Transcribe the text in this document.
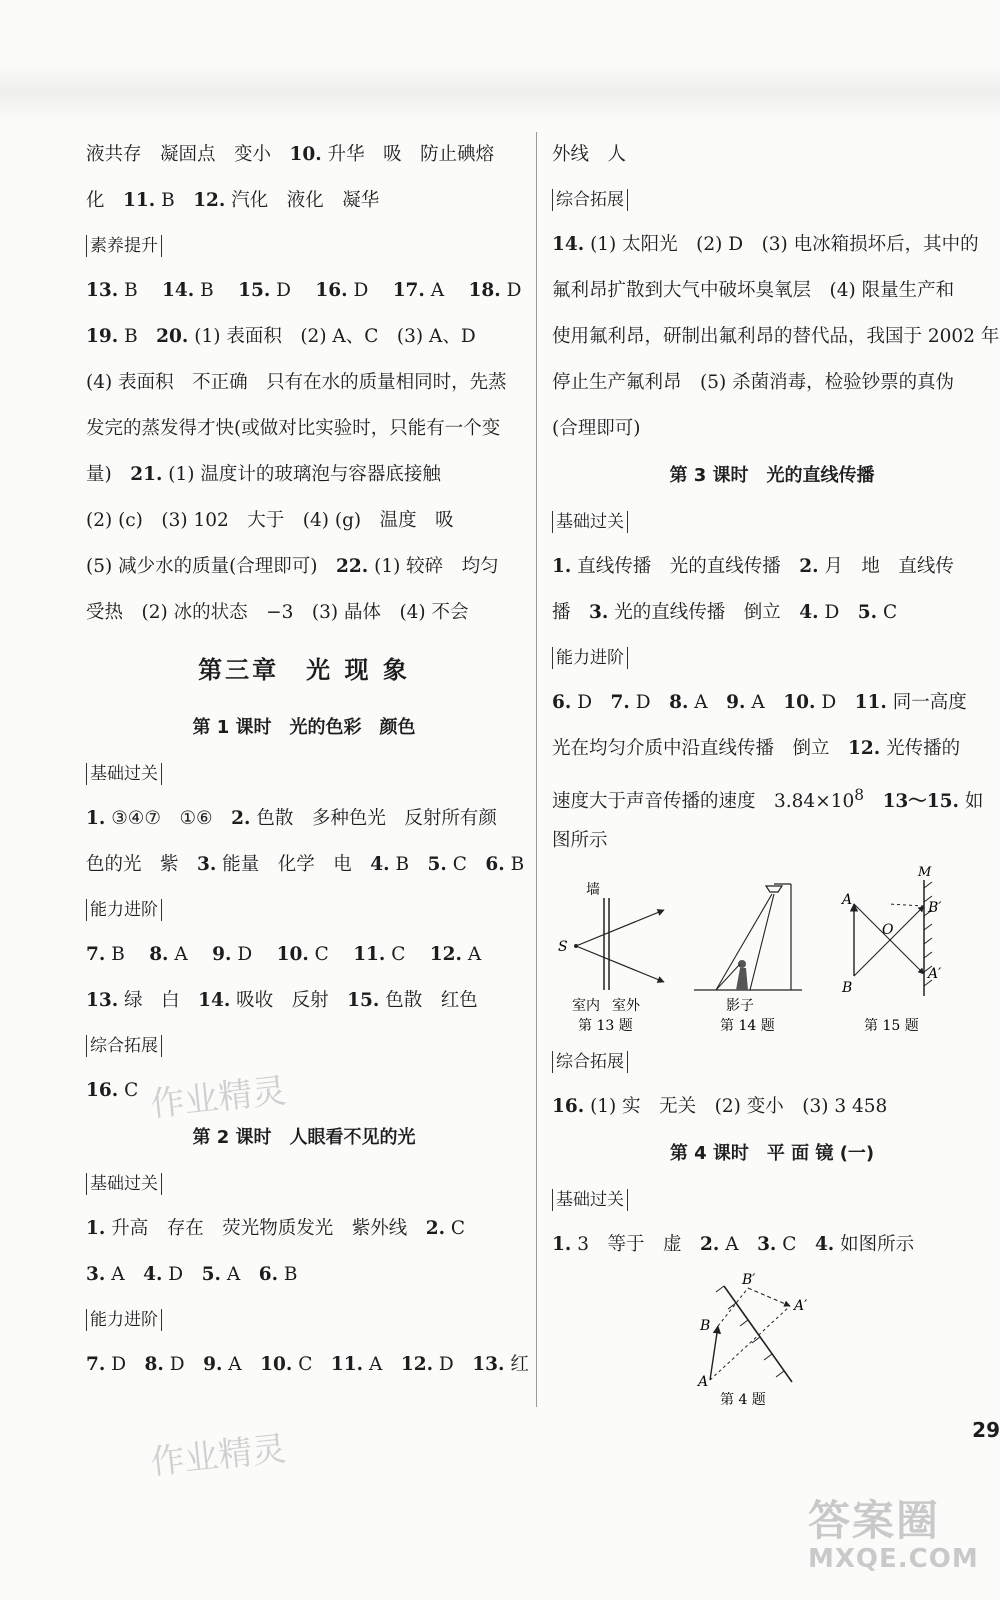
液共存　凝固点　变小　10. 升华　吸　防止碘熔
化　11. B　12. 汽化　液化　凝华
素养提升
13. B　 14. B　 15. D　 16. D　 17. A　 18. D
19. B　20. (1) 表面积　(2) A、C　(3) A、D
(4) 表面积　不正确　只有在水的质量相同时，先蒸
发完的蒸发得才快(或做对比实验时，只能有一个变
量)　21. (1) 温度计的玻璃泡与容器底接触
(2) (c)　(3) 102　大于　(4) (g)　温度　吸
(5) 减少水的质量(合理即可)　22. (1) 较碎　均匀
受热　(2) 冰的状态　−3　(3) 晶体　(4) 不会
第三章　光 现 象
第 1 课时　光的色彩　颜色
基础过关
1. ③④⑦　①⑥　2. 色散　多种色光　反射所有颜
色的光　紫　3. 能量　化学　电　4. B　5. C　6. B
能力进阶
7. B　 8. A　 9. D　 10. C　 11. C　 12. A
13. 绿　白　14. 吸收　反射　15. 色散　红色
综合拓展
16. C
第 2 课时　人眼看不见的光
基础过关
1. 升高　存在　荧光物质发光　紫外线　2. C
3. A　4. D　5. A　6. B
能力进阶
7. D　8. D　9. A　10. C　11. A　12. D　13. 红
外线　人
综合拓展
14. (1) 太阳光　(2) D　(3) 电冰箱损坏后，其中的
氟利昂扩散到大气中破坏臭氧层　(4) 限量生产和
使用氟利昂，研制出氟利昂的替代品，我国于 2002 年
停止生产氟利昂　(5) 杀菌消毒，检验钞票的真伪
(合理即可)
第 3 课时　光的直线传播
基础过关
1. 直线传播　光的直线传播　2. 月　地　直线传
播　3. 光的直线传播　倒立　4. D　5. C
能力进阶
6. D　7. D　8. A　9. A　10. D　11. 同一高度
光在均匀介质中沿直线传播　倒立　12. 光传播的
速度大于声音传播的速度　$3.84\times 10^8$　 13～15. 如
图所示
墙
S
室内 室外
第 13 题
影子
第 14 题
M
A
B
O
B′
A′
第 15 题
综合拓展
16. (1) 实　无关　(2) 变小　(3) 3 458
第 4 课时　平 面 镜 (一)
基础过关
1. 3　等于　虚　2. A　3. C　4. 如图所示
B′
A′
B
A
第 4 题
作业精灵
作业精灵	29
答案圈
MXQE.COM
